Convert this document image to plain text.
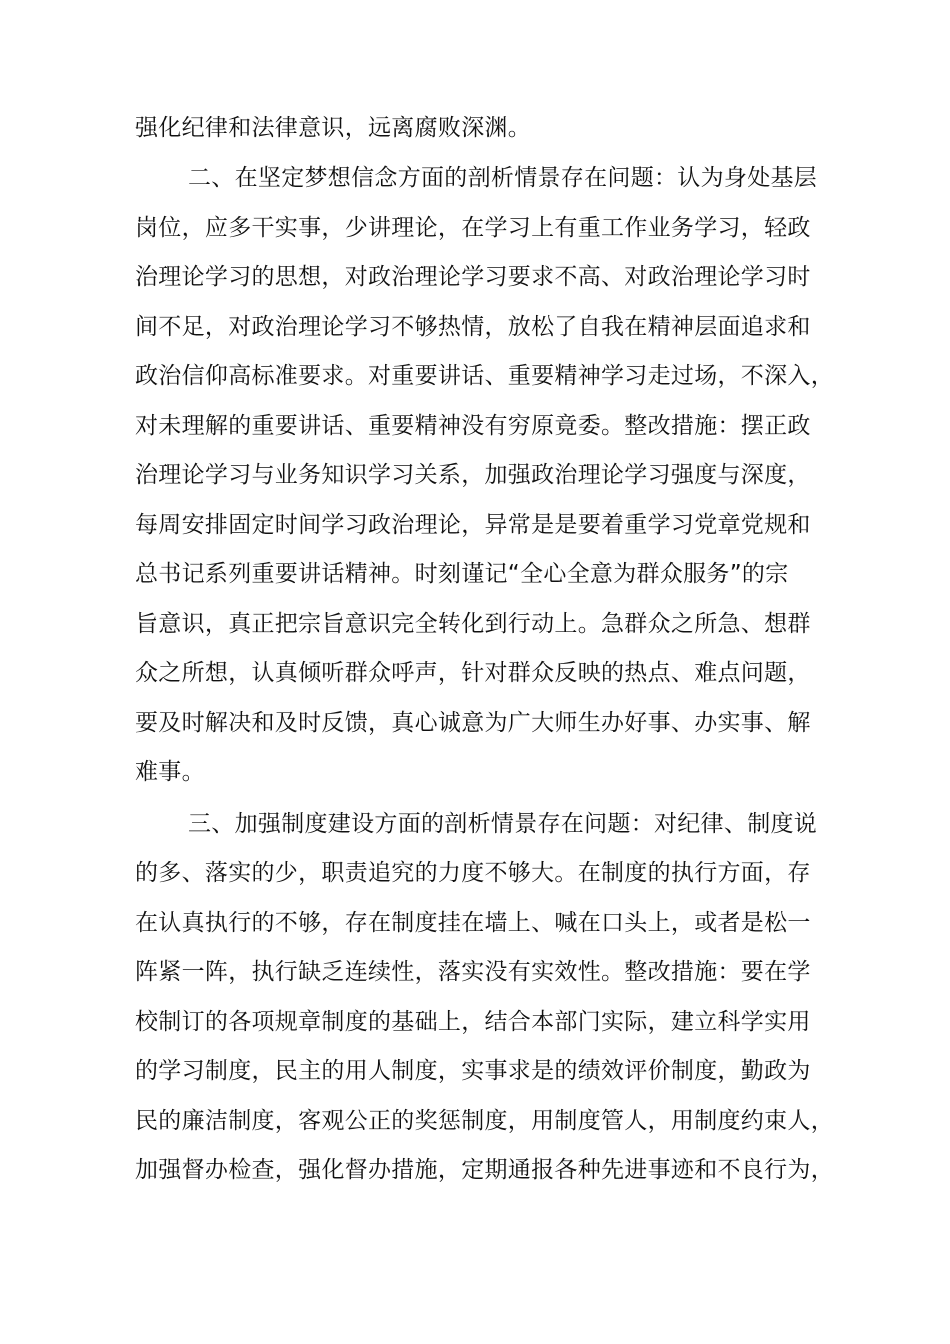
强化纪律和法律意识，远离腐败深渊。
二、在坚定梦想信念方面的剖析情景存在问题：认为身处基层
岗位，应多干实事，少讲理论，在学习上有重工作业务学习，轻政
治理论学习的思想，对政治理论学习要求不高、对政治理论学习时
间不足，对政治理论学习不够热情，放松了自我在精神层面追求和
政治信仰高标准要求。对重要讲话、重要精神学习走过场，不深入，
对未理解的重要讲话、重要精神没有穷原竟委。整改措施：摆正政
治理论学习与业务知识学习关系，加强政治理论学习强度与深度，
每周安排固定时间学习政治理论，异常是是要着重学习党章党规和
总书记系列重要讲话精神。时刻谨记“全心全意为群众服务”的宗
旨意识，真正把宗旨意识完全转化到行动上。急群众之所急、想群
众之所想，认真倾听群众呼声，针对群众反映的热点、难点问题，
要及时解决和及时反馈，真心诚意为广大师生办好事、办实事、解
难事。
三、加强制度建设方面的剖析情景存在问题：对纪律、制度说
的多、落实的少，职责追究的力度不够大。在制度的执行方面，存
在认真执行的不够，存在制度挂在墙上、喊在口头上，或者是松一
阵紧一阵，执行缺乏连续性，落实没有实效性。整改措施：要在学
校制订的各项规章制度的基础上，结合本部门实际，建立科学实用
的学习制度，民主的用人制度，实事求是的绩效评价制度，勤政为
民的廉洁制度，客观公正的奖惩制度，用制度管人，用制度约束人，
加强督办检查，强化督办措施，定期通报各种先进事迹和不良行为，
